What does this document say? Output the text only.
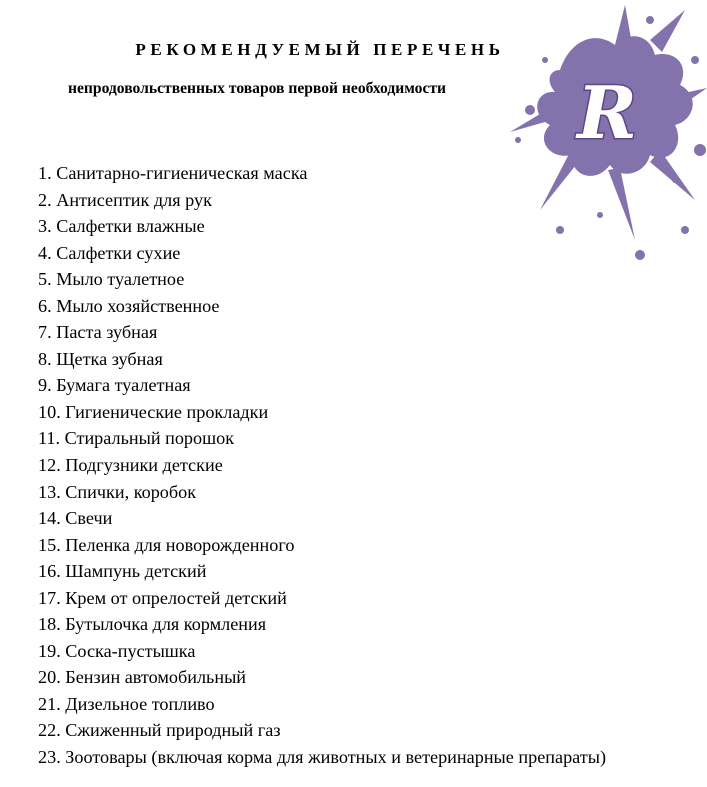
R
РЕКОМЕНДУЕМЫЙ ПЕРЕЧЕНЬ
непродовольственных товаров первой необходимости
1. Санитарно-гигиеническая маска
2. Антисептик для рук
3. Салфетки влажные
4. Салфетки сухие
5. Мыло туалетное
6. Мыло хозяйственное
7. Паста зубная
8. Щетка зубная
9. Бумага туалетная
10. Гигиенические прокладки
11. Стиральный порошок
12. Подгузники детские
13. Спички, коробок
14. Свечи
15. Пеленка для новорожденного
16. Шампунь детский
17. Крем от опрелостей детский
18. Бутылочка для кормления
19. Соска-пустышка
20. Бензин автомобильный
21. Дизельное топливо
22. Сжиженный природный газ
23. Зоотовары (включая корма для животных и ветеринарные препараты)
